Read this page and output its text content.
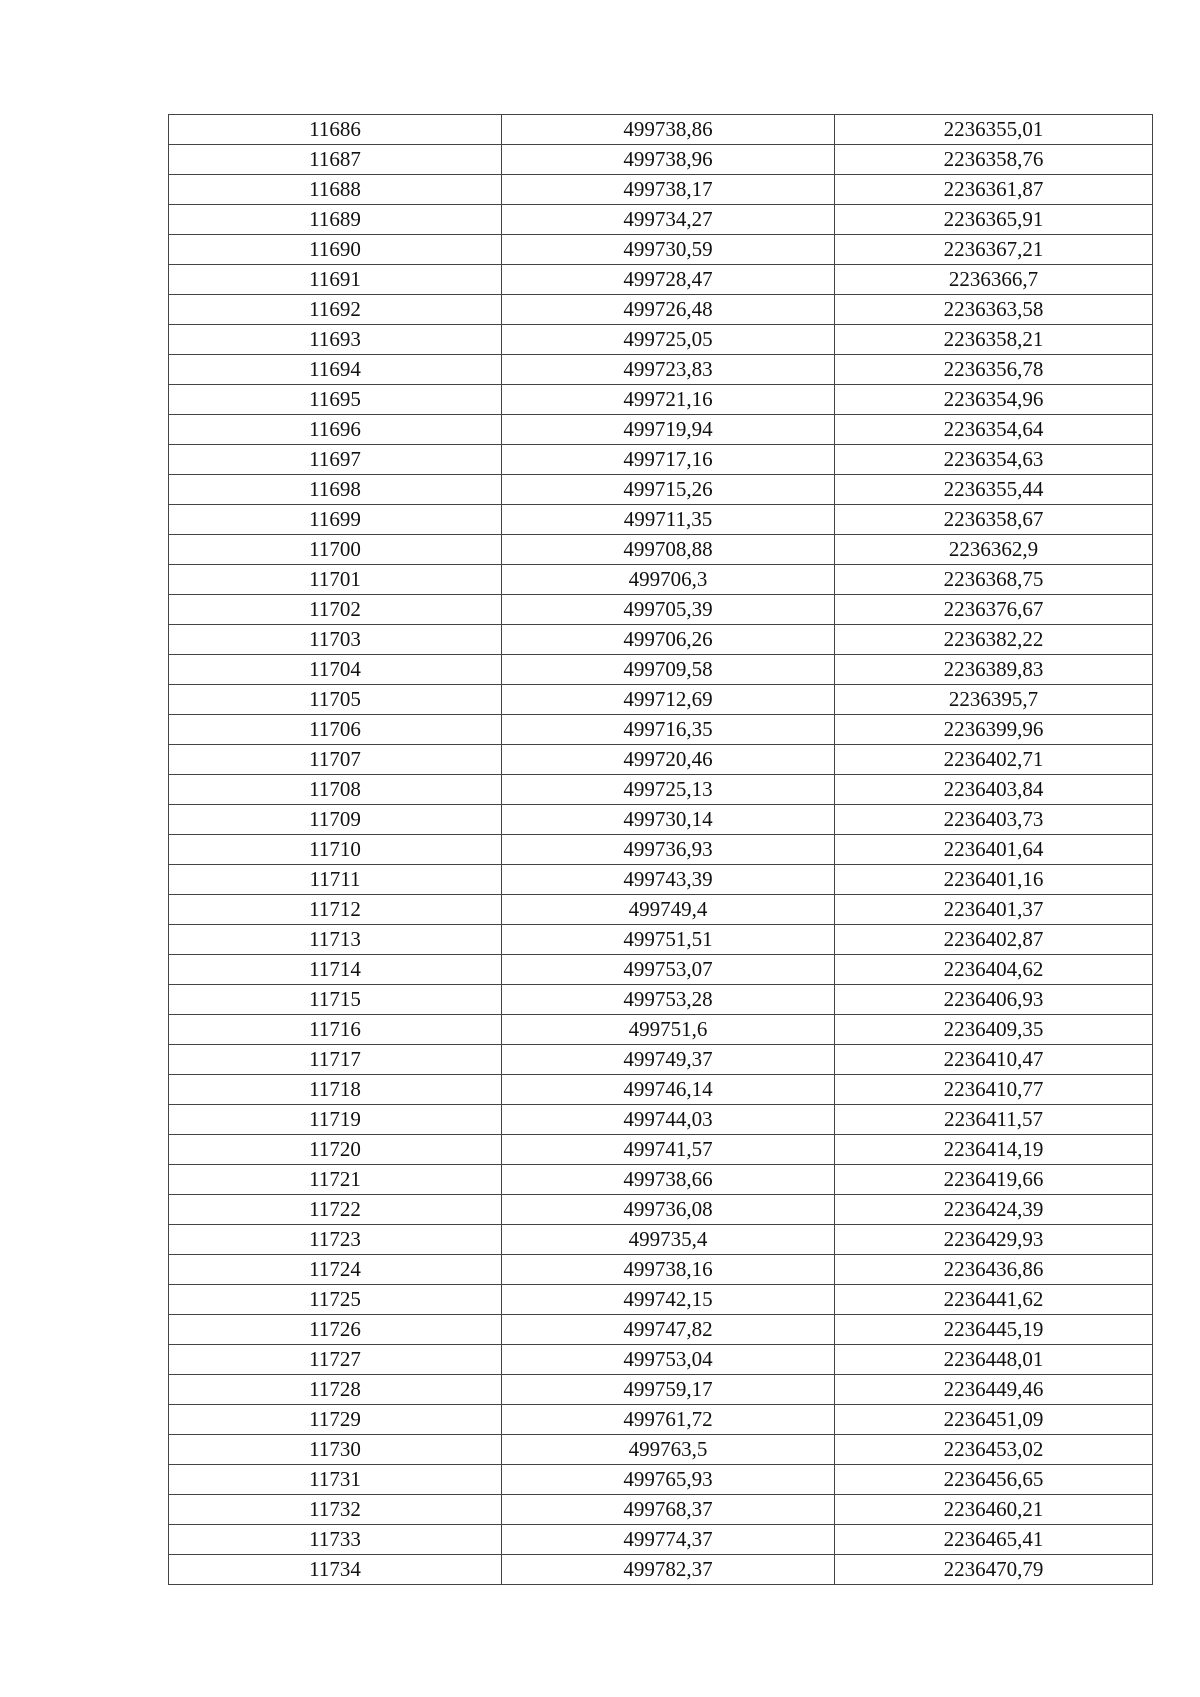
11686	499738,86	2236355,01
11687	499738,96	2236358,76
11688	499738,17	2236361,87
11689	499734,27	2236365,91
11690	499730,59	2236367,21
11691	499728,47	2236366,7
11692	499726,48	2236363,58
11693	499725,05	2236358,21
11694	499723,83	2236356,78
11695	499721,16	2236354,96
11696	499719,94	2236354,64
11697	499717,16	2236354,63
11698	499715,26	2236355,44
11699	499711,35	2236358,67
11700	499708,88	2236362,9
11701	499706,3	2236368,75
11702	499705,39	2236376,67
11703	499706,26	2236382,22
11704	499709,58	2236389,83
11705	499712,69	2236395,7
11706	499716,35	2236399,96
11707	499720,46	2236402,71
11708	499725,13	2236403,84
11709	499730,14	2236403,73
11710	499736,93	2236401,64
11711	499743,39	2236401,16
11712	499749,4	2236401,37
11713	499751,51	2236402,87
11714	499753,07	2236404,62
11715	499753,28	2236406,93
11716	499751,6	2236409,35
11717	499749,37	2236410,47
11718	499746,14	2236410,77
11719	499744,03	2236411,57
11720	499741,57	2236414,19
11721	499738,66	2236419,66
11722	499736,08	2236424,39
11723	499735,4	2236429,93
11724	499738,16	2236436,86
11725	499742,15	2236441,62
11726	499747,82	2236445,19
11727	499753,04	2236448,01
11728	499759,17	2236449,46
11729	499761,72	2236451,09
11730	499763,5	2236453,02
11731	499765,93	2236456,65
11732	499768,37	2236460,21
11733	499774,37	2236465,41
11734	499782,37	2236470,79
